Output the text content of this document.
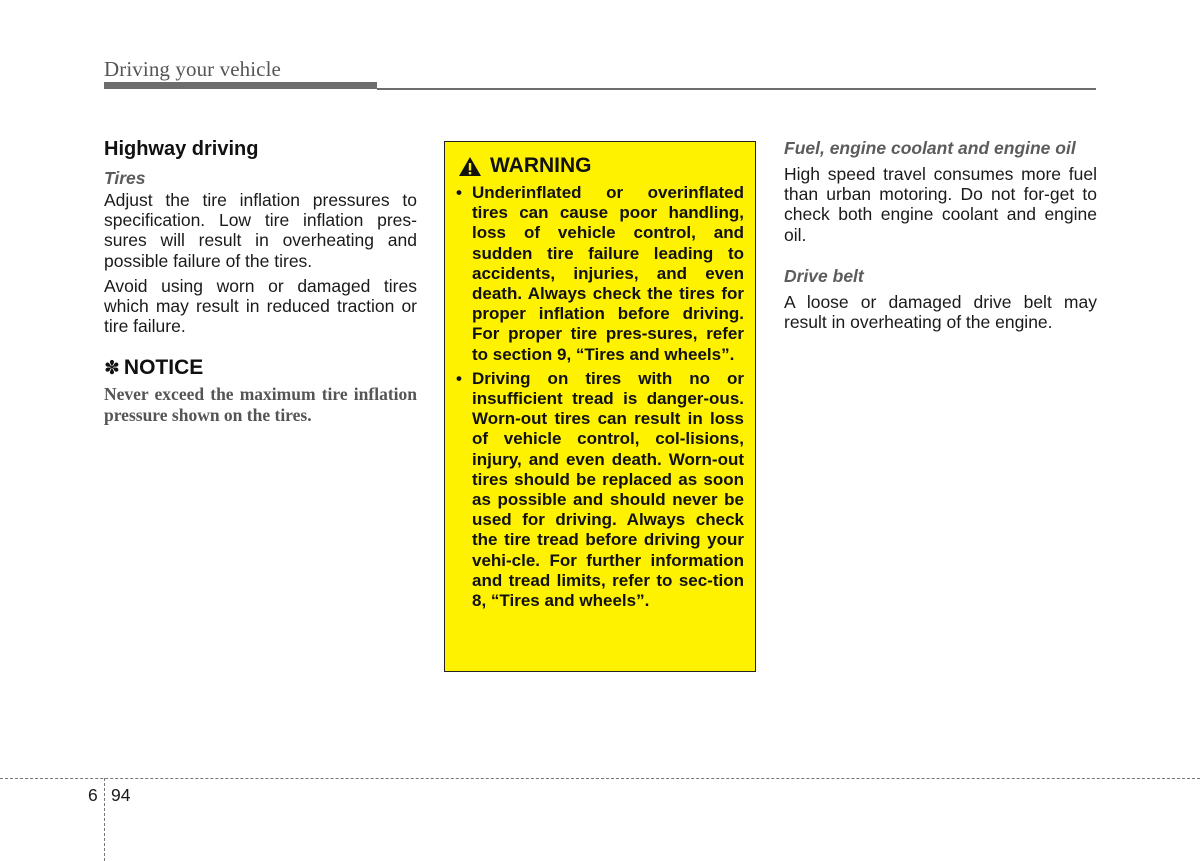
Driving your vehicle
Highway driving
Tires

Adjust the tire inflation pressures to specification. Low tire inflation pres-sures will result in overheating and possible failure of the tires.

Avoid using worn or damaged tires which may result in reduced traction or tire failure.

✽ NOTICE

Never exceed the maximum tire inflation pressure shown on the tires.

WARNING
• Underinflated or overinflated tires can cause poor handling, loss of vehicle control, and sudden tire failure leading to accidents, injuries, and even death. Always check the tires for proper inflation before driving. For proper tire pres-sures, refer to section 9, “Tires and wheels”.
• Driving on tires with no or insufficient tread is danger-ous. Worn-out tires can result in loss of vehicle control, col-lisions, injury, and even death. Worn-out tires should be replaced as soon as possible and should never be used for driving. Always check the tire tread before driving your vehi-cle. For further information and tread limits, refer to sec-tion 8, “Tires and wheels”.
Fuel, engine coolant and engine oil

High speed travel consumes more fuel than urban motoring. Do not for-get to check both engine coolant and engine oil.

Drive belt

A loose or damaged drive belt may result in overheating of the engine.

6 94
